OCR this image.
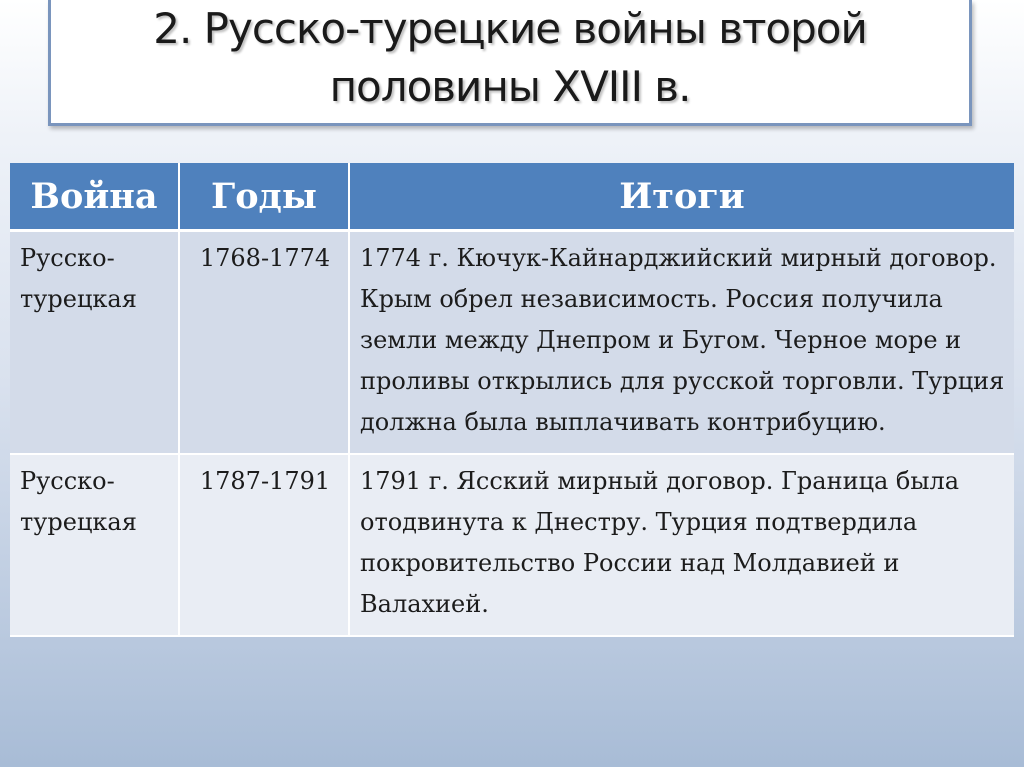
2. Русско-турецкие войны второй половины XVIII в.
Война	Годы	Итоги
Русско-турецкая	1768-1774	1774 г. Кючук-Кайнарджийский мирный договор. Крым обрел независимость. Россия получила земли между Днепром и Бугом. Черное море и проливы открылись для русской торговли. Турция должна была выплачивать контрибуцию.
Русско-турецкая	1787-1791	1791 г. Ясский мирный договор. Граница была отодвинута к Днестру. Турция подтвердила покровительство России над Молдавией и Валахией.
